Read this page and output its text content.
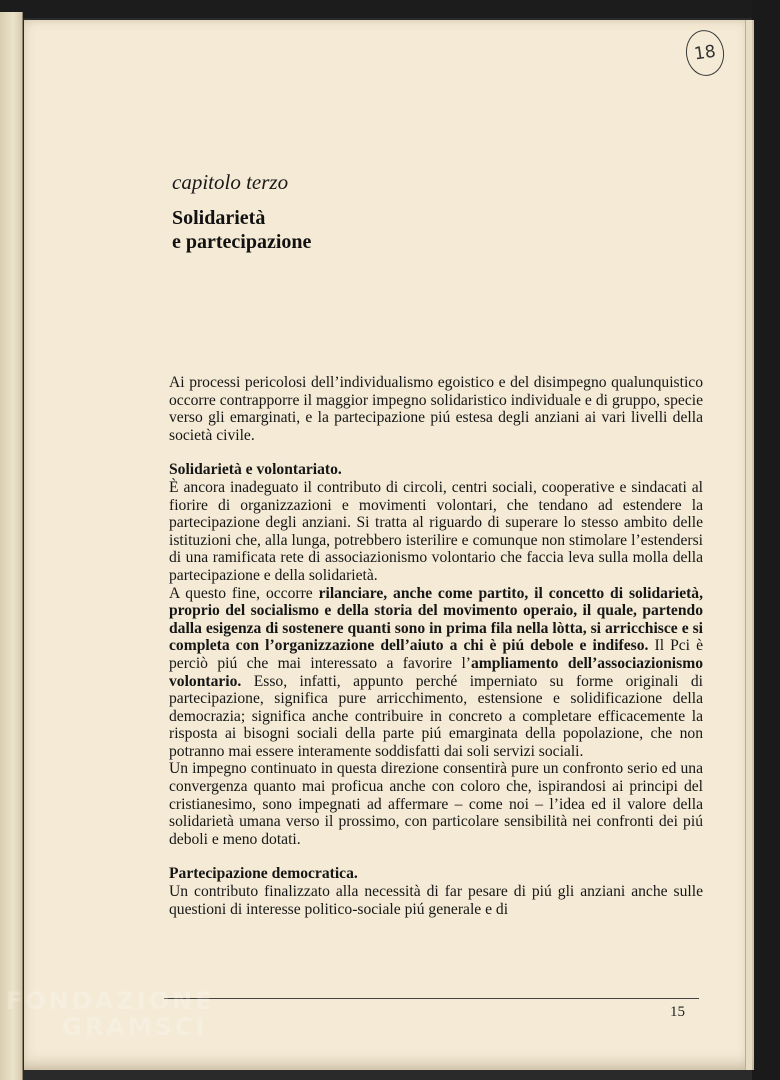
18
capitolo terzo
Solidarietà
e partecipazione

Ai processi pericolosi dell’individualismo egoistico e del disimpegno qualunquistico occorre contrapporre il maggior impegno solidaristico individuale e di gruppo, specie verso gli emarginati, e la partecipazione piú estesa degli anziani ai vari livelli della società civile.

Solidarietà e volontariato.

È ancora inadeguato il contributo di circoli, centri sociali, cooperative e sindacati al fiorire di organizzazioni e movimenti volontari, che tendano ad estendere la partecipazione degli anziani. Si tratta al riguardo di superare lo stesso ambito delle istituzioni che, alla lunga, potrebbero isterilire e comunque non stimolare l’estendersi di una ramificata rete di associazionismo volontario che faccia leva sulla molla della partecipazione e della solidarietà.

A questo fine, occorre rilanciare, anche come partito, il concetto di solidarietà, proprio del socialismo e della storia del movimento operaio, il quale, partendo dalla esigenza di sostenere quanti sono in prima fila nella lòtta, si arricchisce e si completa con l’organizzazione dell’aiuto a chi è piú debole e indifeso. Il Pci è perciò piú che mai interessato a favorire l’ampliamento dell’associazionismo volontario. Esso, infatti, appunto perché imperniato su forme originali di partecipazione, significa pure arricchimento, estensione e solidificazione della democrazia; significa anche contribuire in concreto a completare efficacemente la risposta ai bisogni sociali della parte piú emarginata della popolazione, che non potranno mai essere interamente soddisfatti dai soli servizi sociali.

Un impegno continuato in questa direzione consentirà pure un confronto serio ed una convergenza quanto mai proficua anche con coloro che, ispirandosi ai principi del cristianesimo, sono impegnati ad affermare – come noi – l’idea ed il valore della solidarietà umana verso il prossimo, con particolare sensibilità nei confronti dei piú deboli e meno dotati.

Partecipazione democratica.

Un contributo finalizzato alla necessità di far pesare di piú gli anziani anche sulle questioni di interesse politico-sociale piú generale e di

15
FONDAZIONE
GRAMSCI
